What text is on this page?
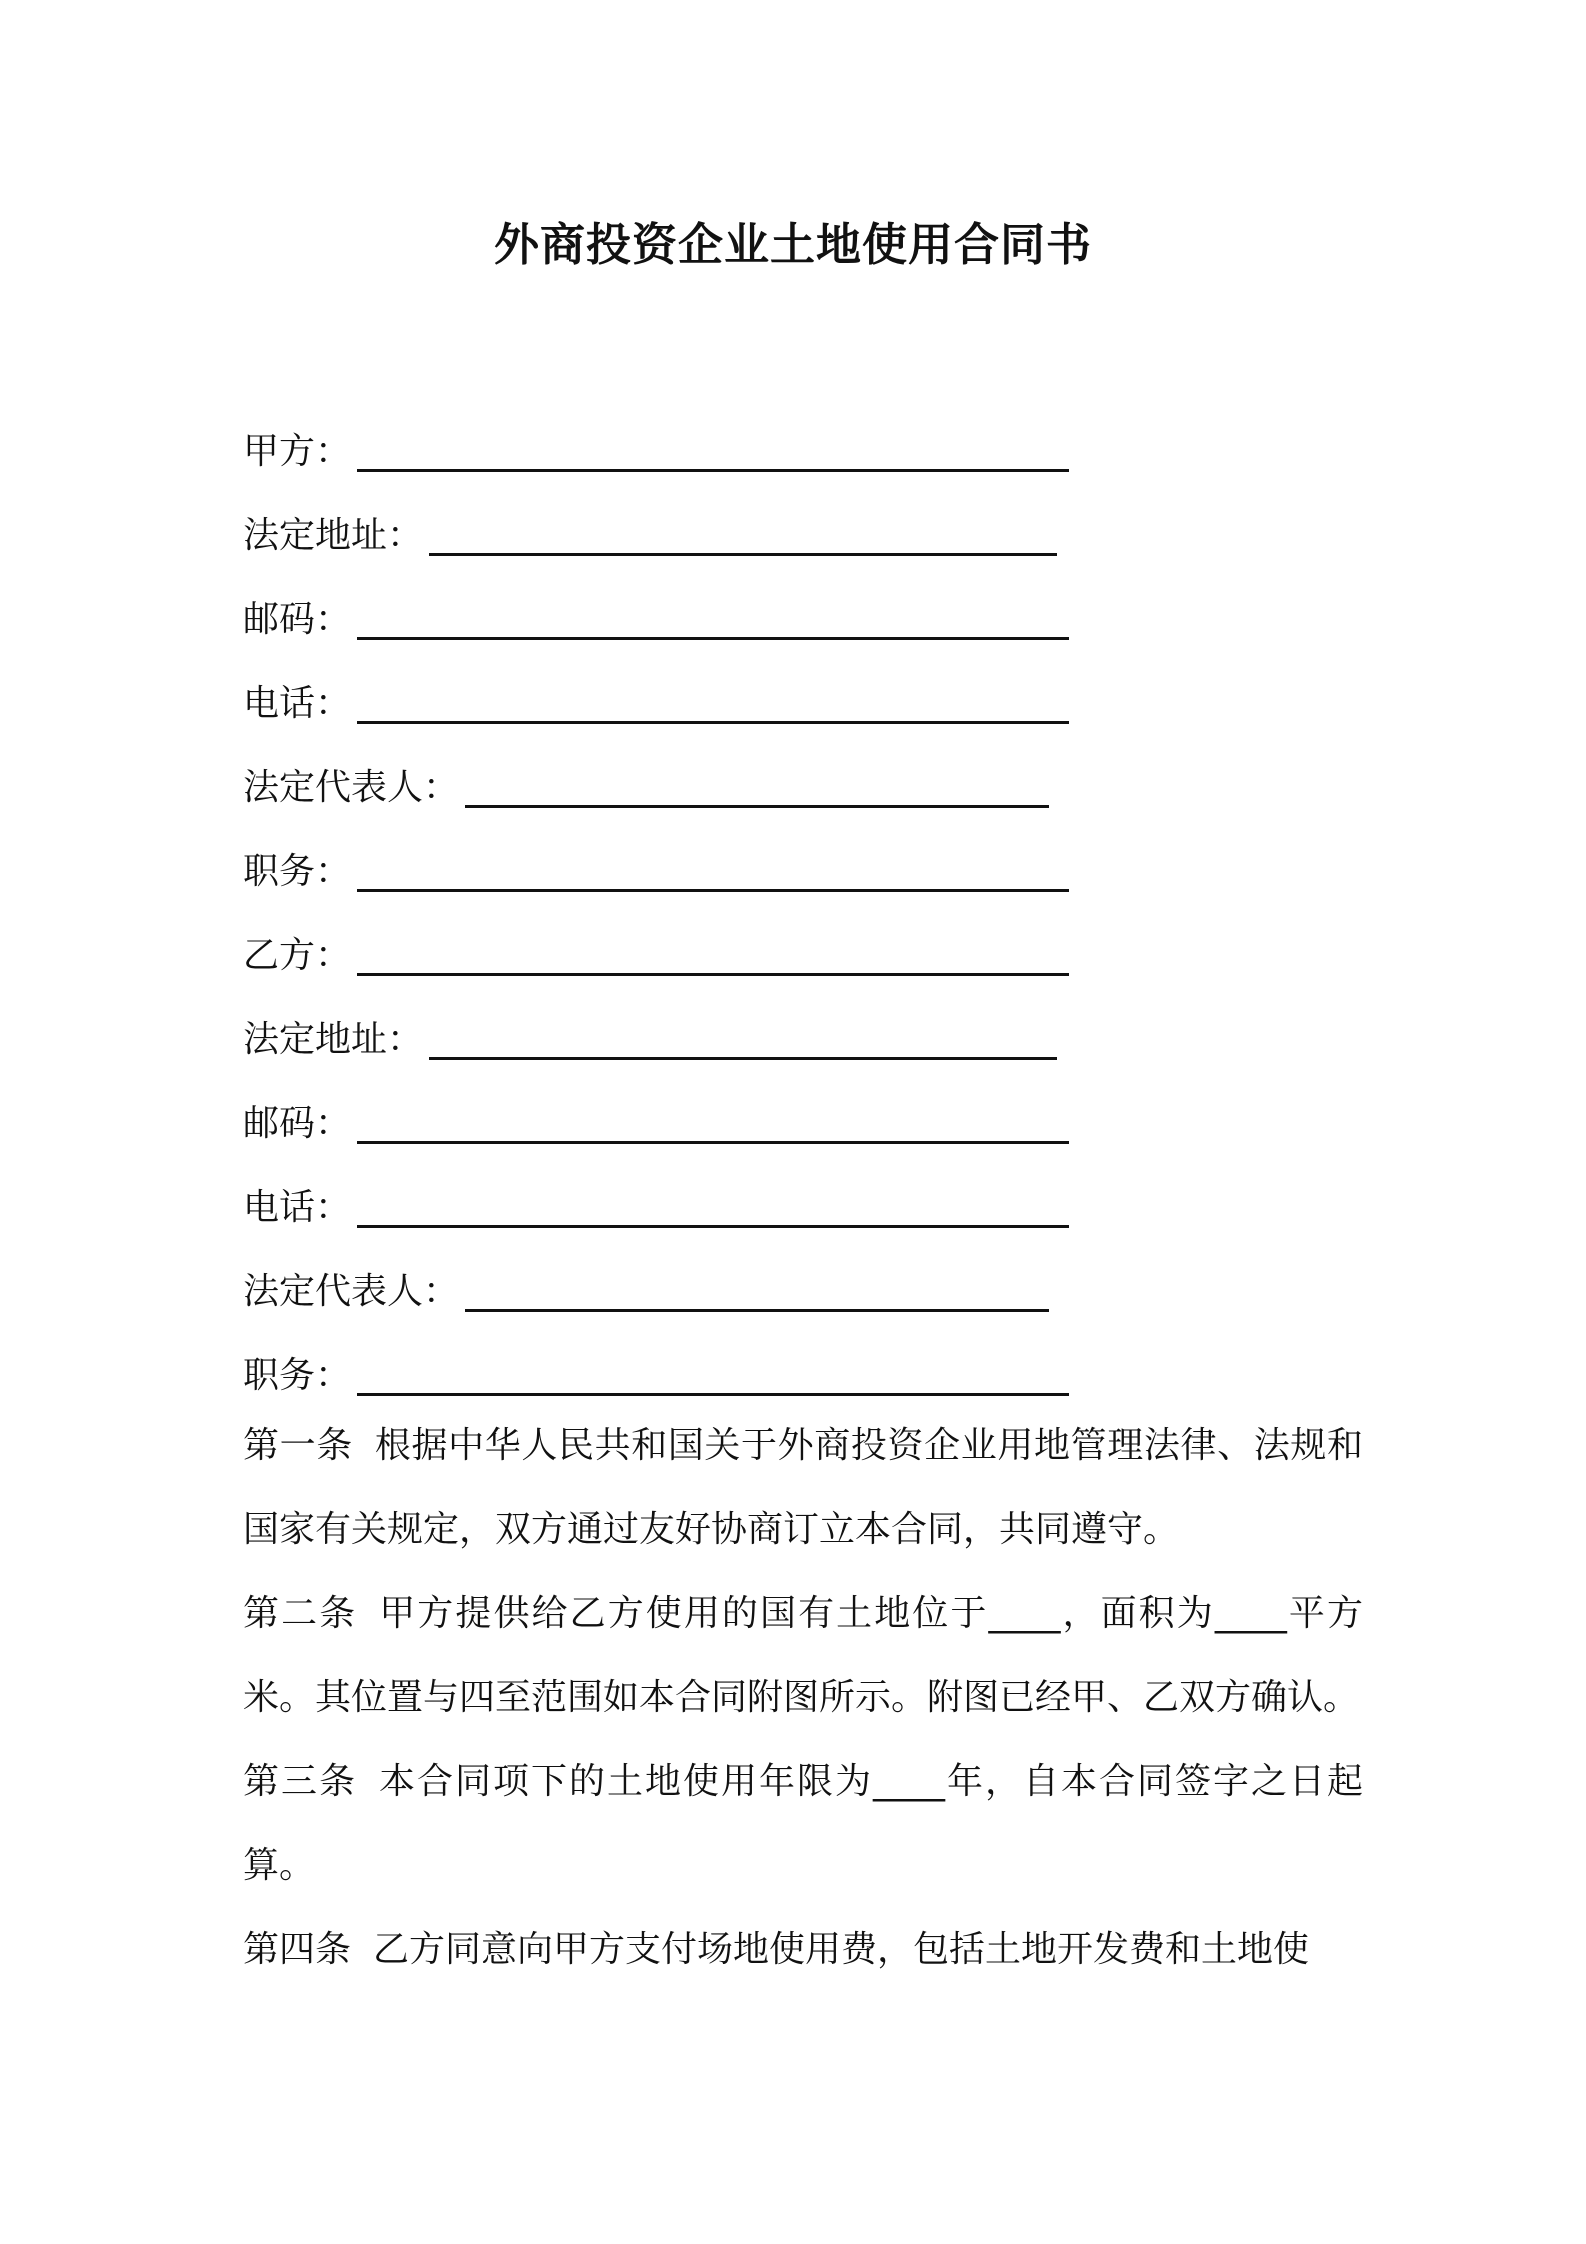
外商投资企业土地使用合同书
甲方：
法定地址：
邮码：
电话：
法定代表人：
职务：
乙方：
法定地址：
邮码：
电话：
法定代表人：
职务：

第一条 根据中华人民共和国关于外商投资企业用地管理法律、法规和国家有关规定，双方通过友好协商订立本合同，共同遵守。

第二条 甲方提供给乙方使用的国有土地位于____，面积为____平方米。其位置与四至范围如本合同附图所示。附图已经甲、乙双方确认。

第三条 本合同项下的土地使用年限为____年，自本合同签字之日起算。

第四条 乙方同意向甲方支付场地使用费，包括土地开发费和土地使
